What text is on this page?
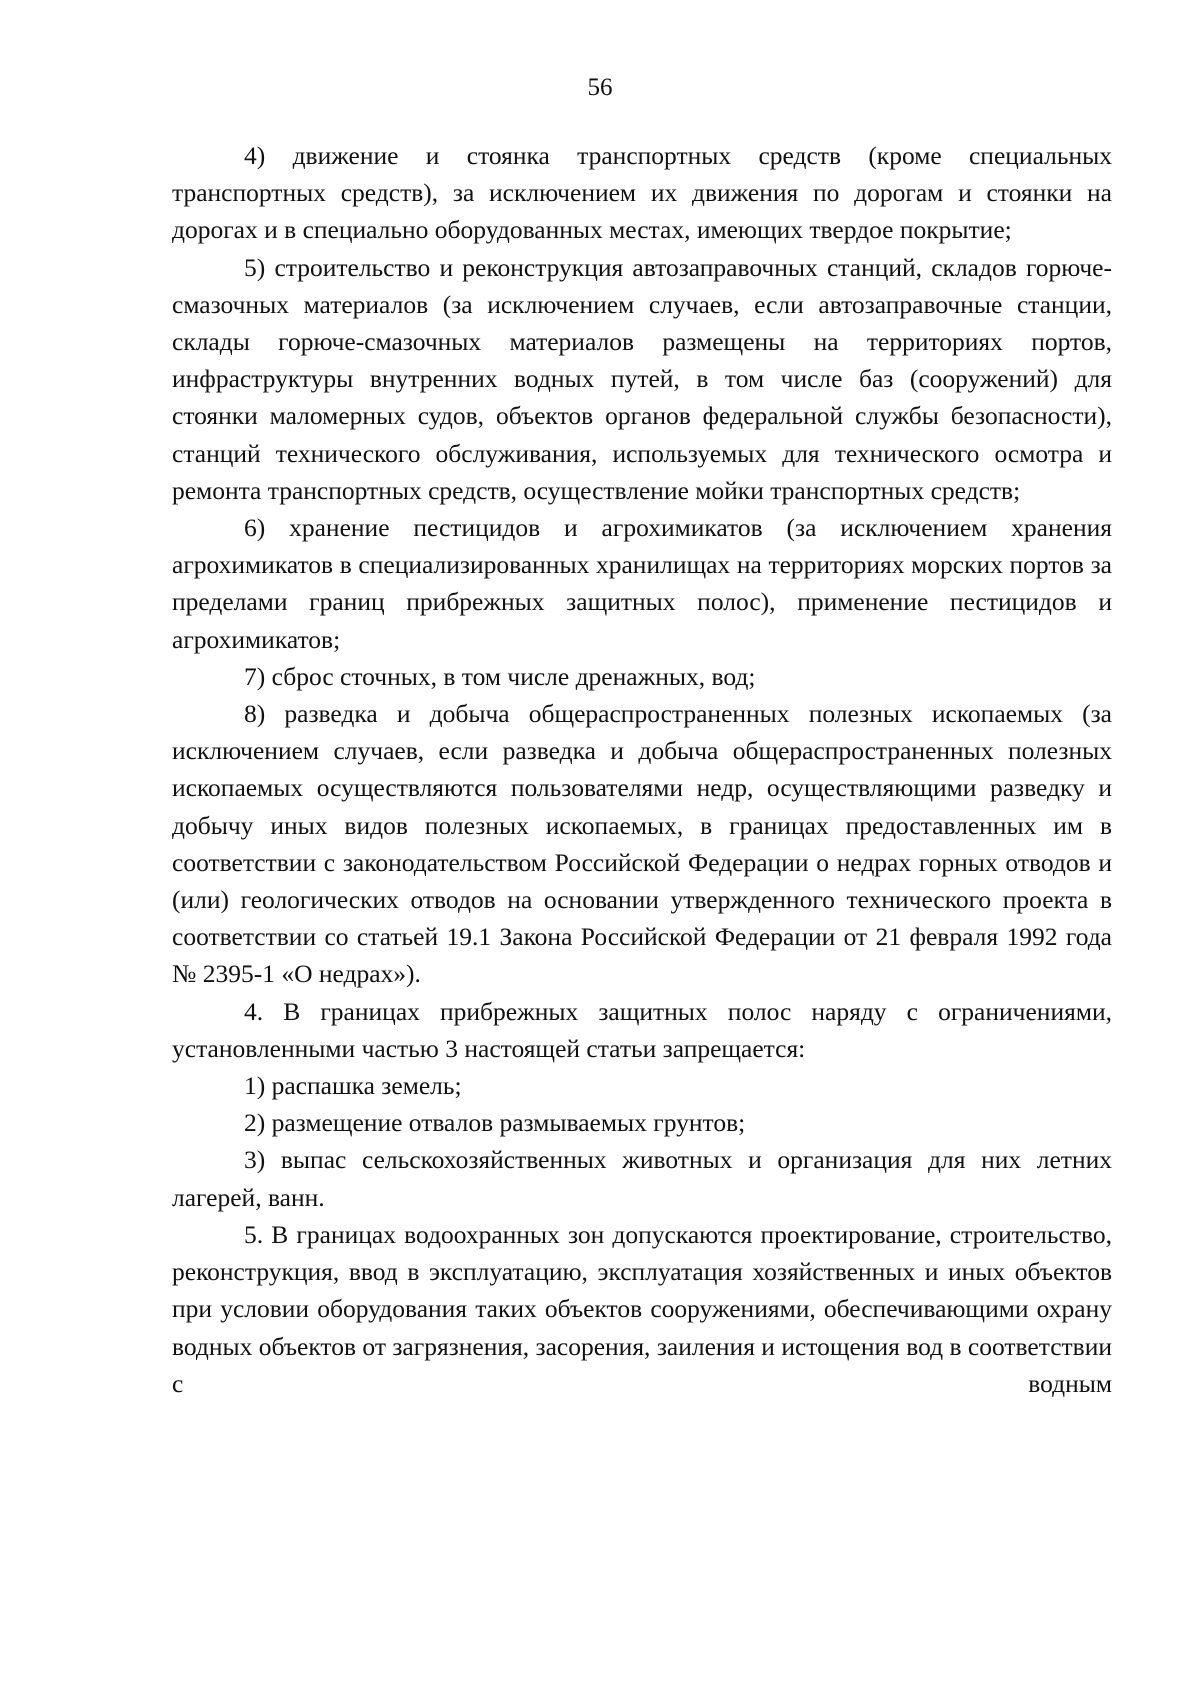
56

4) движение и стоянка транспортных средств (кроме специальных транспортных средств), за исключением их движения по дорогам и стоянки на дорогах и в специально оборудованных местах, имеющих твердое покрытие;

5) строительство и реконструкция автозаправочных станций, складов горюче-смазочных материалов (за исключением случаев, если автозаправочные станции, склады горюче-смазочных материалов размещены на территориях портов, инфраструктуры внутренних водных путей, в том числе баз (сооружений) для стоянки маломерных судов, объектов органов федеральной службы безопасности), станций технического обслуживания, используемых для технического осмотра и ремонта транспортных средств, осуществление мойки транспортных средств;

6) хранение пестицидов и агрохимикатов (за исключением хранения агрохимикатов в специализированных хранилищах на территориях морских портов за пределами границ прибрежных защитных полос), применение пестицидов и агрохимикатов;

7) сброс сточных, в том числе дренажных, вод;

8) разведка и добыча общераспространенных полезных ископаемых (за исключением случаев, если разведка и добыча общераспространенных полезных ископаемых осуществляются пользователями недр, осуществляющими разведку и добычу иных видов полезных ископаемых, в границах предоставленных им в соответствии с законодательством Российской Федерации о недрах горных отводов и (или) геологических отводов на основании утвержденного технического проекта в соответствии со статьей 19.1 Закона Российской Федерации от 21 февраля 1992 года № 2395-1 «О недрах»).

4. В границах прибрежных защитных полос наряду с ограничениями, установленными частью 3 настоящей статьи запрещается:

1) распашка земель;

2) размещение отвалов размываемых грунтов;

3) выпас сельскохозяйственных животных и организация для них летних лагерей, ванн.

5. В границах водоохранных зон допускаются проектирование, строительство, реконструкция, ввод в эксплуатацию, эксплуатация хозяйственных и иных объектов при условии оборудования таких объектов сооружениями, обеспечивающими охрану водных объектов от загрязнения, засорения, заиления и истощения вод в соответствии с водным
